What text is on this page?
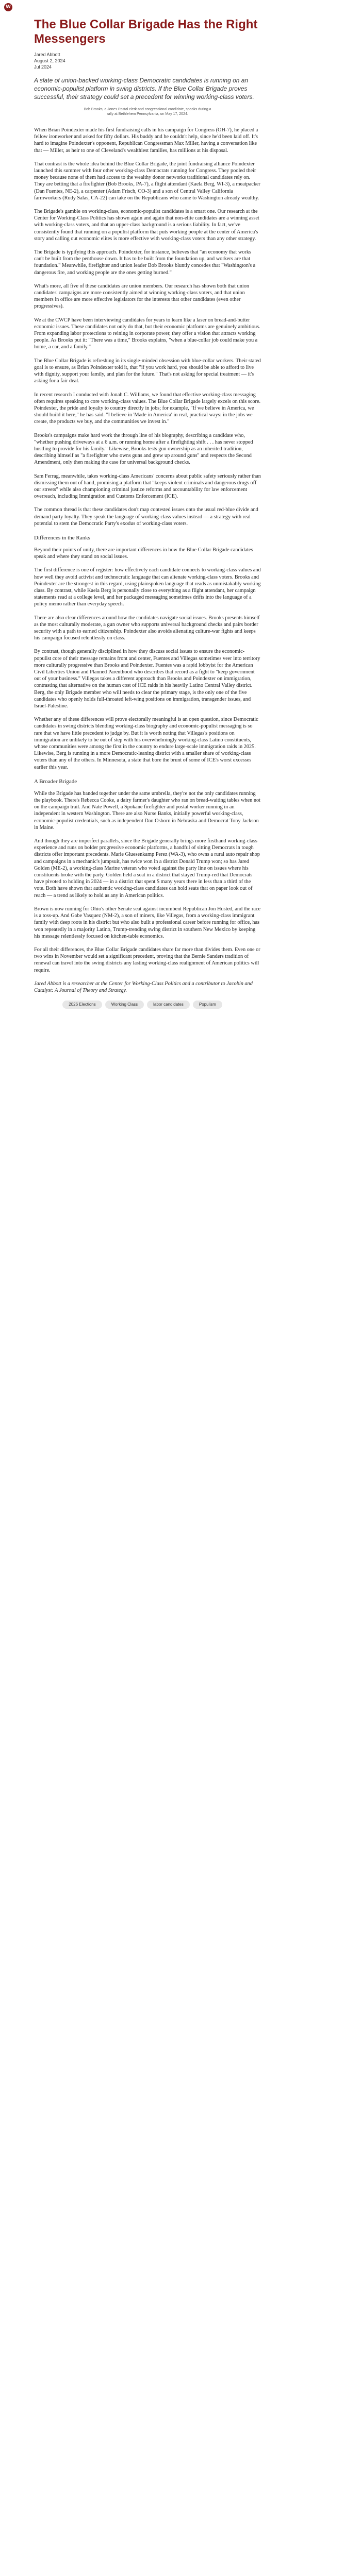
W
The Blue Collar Brigade Has the Right Messengers
Jared Abbott
August 2, 2024
Jul 2024
A slate of union-backed working-class Democratic candidates is running on an economic-populist platform in swing districts. If the Blue Collar Brigade proves successful, their strategy could set a precedent for winning working-class voters.
Bob Brooks, a Jones Postal clerk and congressional candidate, speaks during a rally at Bethlehem Pennsylvania, on May 17, 2024.

When Brian Poindexter made his first fundraising calls in his campaign for Congress (OH-7), he placed a fellow ironworker and asked for fifty dollars. His buddy and he couldn't help, since he'd been laid off. It's hard to imagine Poindexter's opponent, Republican Congressman Max Miller, having a conversation like that — Miller, as heir to one of Cleveland's wealthiest families, has millions at his disposal.

That contrast is the whole idea behind the Blue Collar Brigade, the joint fundraising alliance Poindexter launched this summer with four other working-class Democrats running for Congress. They pooled their money because none of them had access to the wealthy donor networks traditional candidates rely on. They are betting that a firefighter (Bob Brooks, PA-7), a flight attendant (Kaela Berg, WI-3), a meatpacker (Dan Fuentes, NE-2), a carpenter (Adam Frisch, CO-3) and a son of Central Valley California farmworkers (Rudy Salas, CA-22) can take on the Republicans who came to Washington already wealthy.

The Brigade's gamble on working-class, economic-populist candidates is a smart one. Our research at the Center for Working-Class Politics has shown again and again that non-elite candidates are a winning asset with working-class voters, and that an upper-class background is a serious liability. In fact, we've consistently found that running on a populist platform that puts working people at the center of America's story and calling out economic elites is more effective with working-class voters than any other strategy.

The Brigade is typifying this approach. Poindexter, for instance, believes that "an economy that works can't be built from the penthouse down. It has to be built from the foundation up, and workers are that foundation." Meanwhile, firefighter and union leader Bob Brooks bluntly concedes that "Washington's a dangerous fire, and working people are the ones getting burned."

What's more, all five of these candidates are union members. Our research has shown both that union candidates' campaigns are more consistently aimed at winning working-class voters, and that union members in office are more effective legislators for the interests that other candidates (even other progressives).

We at the CWCP have been interviewing candidates for years to learn like a laser on bread-and-butter economic issues. These candidates not only do that, but their economic platforms are genuinely ambitious. From expanding labor protections to reining in corporate power, they offer a vision that attracts working people. As Brooks put it: "There was a time," Brooks explains, "when a blue-collar job could make you a home, a car, and a family."

The Blue Collar Brigade is refreshing in its single-minded obsession with blue-collar workers. Their stated goal is to ensure, as Brian Poindexter told it, that "if you work hard, you should be able to afford to live with dignity, support your family, and plan for the future." That's not asking for special treatment — it's asking for a fair deal.

In recent research I conducted with Jonah C. Williams, we found that effective working-class messaging often requires speaking to core working-class values. The Blue Collar Brigade largely excels on this score. Poindexter, the pride and loyalty to country directly in jobs; for example, "If we believe in America, we should build it here," he has said. "I believe in 'Made in America' in real, practical ways: in the jobs we create, the products we buy, and the communities we invest in."

Brooks's campaigns make hard work the through line of his biography, describing a candidate who, "whether pushing driveways at a 6 a.m. or running home after a firefighting shift . . . has never stopped hustling to provide for his family." Likewise, Brooks tests gun ownership as an inherited tradition, describing himself as "a firefighter who owns guns and grew up around guns" and respects the Second Amendment, only then making the case for universal background checks.

Sam Ferrag, meanwhile, takes working-class Americans' concerns about public safety seriously rather than dismissing them out of hand, promising a platform that "keeps violent criminals and dangerous drugs off our streets" while also championing criminal justice reforms and accountability for law enforcement overreach, including Immigration and Customs Enforcement (ICE).

The common thread is that these candidates don't map contested issues onto the usual red-blue divide and demand party loyalty. They speak the language of working-class values instead — a strategy with real potential to stem the Democratic Party's exodus of working-class voters.

Differences in the Ranks

Beyond their points of unity, there are important differences in how the Blue Collar Brigade candidates speak and where they stand on social issues.

The first difference is one of register: how effectively each candidate connects to working-class values and how well they avoid activist and technocratic language that can alienate working-class voters. Brooks and Poindexter are the strongest in this regard, using plainspoken language that reads as unmistakably working class. By contrast, while Kaela Berg is personally close to everything as a flight attendant, her campaign statements read at a college level, and her packaged messaging sometimes drifts into the language of a policy memo rather than everyday speech.

There are also clear differences around how the candidates navigate social issues. Brooks presents himself as the most culturally moderate, a gun owner who supports universal background checks and pairs border security with a path to earned citizenship. Poindexter also avoids alienating culture-war fights and keeps his campaign focused relentlessly on class.

By contrast, though generally disciplined in how they discuss social issues to ensure the economic-populist core of their message remains front and center, Fuentes and Villegas sometimes veer into territory more culturally progressive than Brooks and Poindexter. Fuentes was a rapid lobbyist for the American Civil Liberties Union and Planned Parenthood who describes that record as a fight to "keep government out of your business." Villegas takes a different approach than Brooks and Poindexter on immigration, contrasting that alternative on the human cost of ICE raids in his heavily Latino Central Valley district. Berg, the only Brigade member who will needs to clear the primary stage, is the only one of the five candidates who openly holds full-throated left-wing positions on immigration, transgender issues, and Israel-Palestine.

Whether any of these differences will prove electorally meaningful is an open question, since Democratic candidates in swing districts blending working-class biography and economic-populist messaging is so rare that we have little precedent to judge by. But it is worth noting that Villegas's positions on immigration are unlikely to be out of step with his overwhelmingly working-class Latino constituents, whose communities were among the first in the country to endure large-scale immigration raids in 2025. Likewise, Berg is running in a more Democratic-leaning district with a smaller share of working-class voters than any of the others. In Minnesota, a state that bore the brunt of some of ICE's worst excesses earlier this year.

A Broader Brigade

While the Brigade has banded together under the same umbrella, they're not the only candidates running the playbook. There's Rebecca Cooke, a dairy farmer's daughter who ran on bread-waiting tables when not on the campaign trail. And Nate Powell, a Spokane firefighter and postal worker running in an independent in western Washington. There are also Nurse Banks, initially powerful working-class, economic-populist credentials, such as independent Dan Osborn in Nebraska and Democrat Tony Jackson in Maine.

And though they are imperfect parallels, since the Brigade generally brings more firsthand working-class experience and runs on bolder progressive economic platforms, a handful of sitting Democrats in tough districts offer important precedents. Marie Gluesenkamp Perez (WA-3), who owns a rural auto repair shop and campaigns in a mechanic's jumpsuit, has twice won in a district Donald Trump won; so has Jared Golden (ME-2), a working-class Marine veteran who voted against the party line on issues where his constituents broke with the party. Golden held a seat in a district that stayed Trump-red that Democrats have pivoted to holding in 2024 — in a district that spent $ many years there in less than a third of the vote. Both have shown that authentic working-class candidates can hold seats that on paper look out of reach — a trend as likely to hold as any in American politics.

Brown is now running for Ohio's other Senate seat against incumbent Republican Jon Husted, and the race is a toss-up. And Gabe Vasquez (NM-2), a son of miners, like Villegas, from a working-class immigrant family with deep roots in his district but who also built a professional career before running for office, has won repeatedly in a majority Latino, Trump-trending swing district in southern New Mexico by keeping his message relentlessly focused on kitchen-table economics.

For all their differences, the Blue Collar Brigade candidates share far more than divides them. Even one or two wins in November would set a significant precedent, proving that the Bernie Sanders tradition of renewal can travel into the swing districts any lasting working-class realignment of American politics will require.

Jared Abbott is a researcher at the Center for Working-Class Politics and a contributor to Jacobin and Catalyst: A Journal of Theory and Strategy.

2026 Elections	Working Class	labor candidates	Populism
